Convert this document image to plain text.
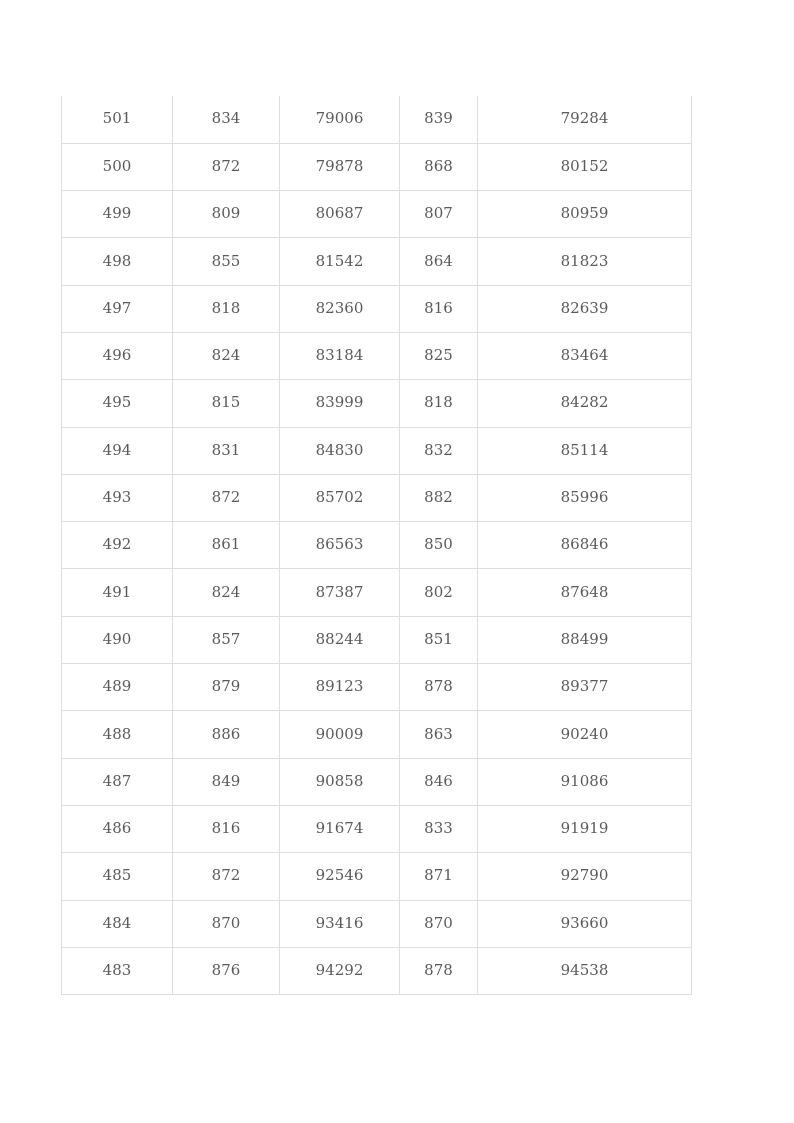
501	834	79006	839	79284
500	872	79878	868	80152
499	809	80687	807	80959
498	855	81542	864	81823
497	818	82360	816	82639
496	824	83184	825	83464
495	815	83999	818	84282
494	831	84830	832	85114
493	872	85702	882	85996
492	861	86563	850	86846
491	824	87387	802	87648
490	857	88244	851	88499
489	879	89123	878	89377
488	886	90009	863	90240
487	849	90858	846	91086
486	816	91674	833	91919
485	872	92546	871	92790
484	870	93416	870	93660
483	876	94292	878	94538
